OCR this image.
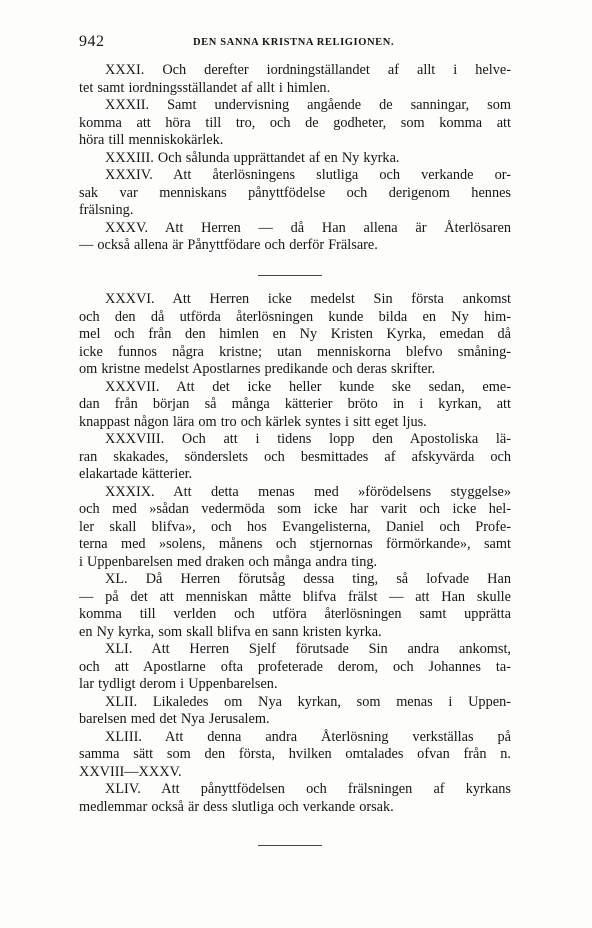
942	DEN SANNA KRISTNA RELIGIONEN.
XXXI. Och derefter iordningställandet af allt i helve-
tet samt iordningsställandet af allt i himlen.
XXXII. Samt undervisning angående de sanningar, som
komma att höra till tro, och de godheter, som komma att
höra till menniskokärlek.
XXXIII. Och sålunda upprättandet af en Ny kyrka.
XXXIV. Att återlösningens slutliga och verkande or-
sak var menniskans pånyttfödelse och derigenom hennes
frälsning.
XXXV. Att Herren — då Han allena är Återlösaren
— också allena är Pånyttfödare och derför Frälsare.
XXXVI. Att Herren icke medelst Sin första ankomst
och den då utförda återlösningen kunde bilda en Ny him-
mel och från den himlen en Ny Kristen Kyrka, emedan då
icke funnos några kristne; utan menniskorna blefvo småning-
om kristne medelst Apostlarnes predikande och deras skrifter.
XXXVII. Att det icke heller kunde ske sedan, eme-
dan från början så många kätterier bröto in i kyrkan, att
knappast någon lära om tro och kärlek syntes i sitt eget ljus.
XXXVIII. Och att i tidens lopp den Apostoliska lä-
ran skakades, sönderslets och besmittades af afskyvärda och
elakartade kätterier.
XXXIX. Att detta menas med »förödelsens styggelse»
och med »sådan vedermöda som icke har varit och icke hel-
ler skall blifva», och hos Evangelisterna, Daniel och Profe-
terna med »solens, månens och stjernornas förmörkande», samt
i Uppenbarelsen med draken och många andra ting.
XL. Då Herren förutsåg dessa ting, så lofvade Han
— på det att menniskan måtte blifva frälst — att Han skulle
komma till verlden och utföra återlösningen samt upprätta
en Ny kyrka, som skall blifva en sann kristen kyrka.
XLI. Att Herren Sjelf förutsade Sin andra ankomst,
och att Apostlarne ofta profeterade derom, och Johannes ta-
lar tydligt derom i Uppenbarelsen.
XLII. Likaledes om Nya kyrkan, som menas i Uppen-
barelsen med det Nya Jerusalem.
XLIII. Att denna andra Återlösning verkställas på
samma sätt som den första, hvilken omtalades ofvan från n.
XXVIII—XXXV.
XLIV. Att pånyttfödelsen och frälsningen af kyrkans
medlemmar också är dess slutliga och verkande orsak.
